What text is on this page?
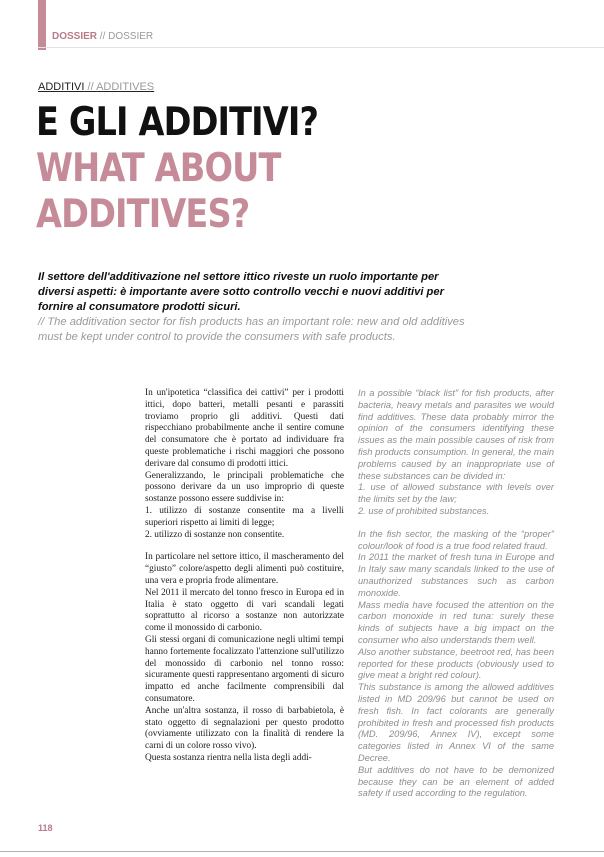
DOSSIER // DOSSIER
ADDITIVI // ADDITIVES
E GLI ADDITIVI?
WHAT ABOUT
ADDITIVES?

Il settore dell'additivazione nel settore ittico riveste un ruolo importante per diversi aspetti: è importante avere sotto controllo vecchi e nuovi additivi per fornire al consumatore prodotti sicuri.

// The additivation sector for fish products has an important role: new and old additives must be kept under control to provide the consumers with safe products.

In un'ipotetica “classifica dei cattivi” per i prodotti ittici, dopo batteri, metalli pesanti e parassiti troviamo proprio gli additivi. Questi dati rispecchiano probabilmente anche il sentire comune del consumatore che è portato ad individuare fra queste problematiche i rischi maggiori che possono derivare dal consumo di prodotti ittici.

Generalizzando, le principali problematiche che possono derivare da un uso improprio di queste sostanze possono essere suddivise in:

1. utilizzo di sostanze consentite ma a livelli superiori rispetto ai limiti di legge;

2. utilizzo di sostanze non consentite.

In particolare nel settore ittico, il mascheramento del “giusto” colore/aspetto degli alimenti può costituire, una vera e propria frode alimentare.

Nel 2011 il mercato del tonno fresco in Europa ed in Italia è stato oggetto di vari scandali legati soprattutto al ricorso a sostanze non autorizzate come il monossido di carbonio.

Gli stessi organi di comunicazione negli ultimi tempi hanno fortemente focalizzato l'attenzione sull'utilizzo del monossido di carbonio nel tonno rosso: sicuramente questi rappresentano argomenti di sicuro impatto ed anche facilmente comprensibili dal consumatore.

Anche un'altra sostanza, il rosso di barbabietola, è stato oggetto di segnalazioni per questo prodotto (ovviamente utilizzato con la finalità di rendere la carni di un colore rosso vivo).

Questa sostanza rientra nella lista degli addi-

In a possible “black list” for fish products, after bacteria, heavy metals and parasites we would find additives. These data probably mirror the opinion of the consumers identifying these issues as the main possible causes of risk from fish products consumption. In general, the main problems caused by an inappropriate use of these substances can be divided in:

1. use of allowed substance with levels over the limits set by the law;

2. use of prohibited substances.

In the fish sector, the masking of the “proper” colour/look of food is a true food related fraud.

In 2011 the market of fresh tuna in Europe and In Italy saw many scandals linked to the use of unauthorized substances such as carbon monoxide.

Mass media have focused the attention on the carbon monoxide in red tuna: surely these kinds of subjects have a big impact on the consumer who also understands them well.

Also another substance, beetroot red, has been reported for these products (obviously used to give meat a bright red colour).

This substance is among the allowed additives listed in MD 209/96 but cannot be used on fresh fish. In fact colorants are generally prohibited in fresh and processed fish products (MD. 209/96, Annex IV), except some categories listed in Annex VI of the same Decree.

But additives do not have to be demonized because they can be an element of added safety if used according to the regulation.

118
